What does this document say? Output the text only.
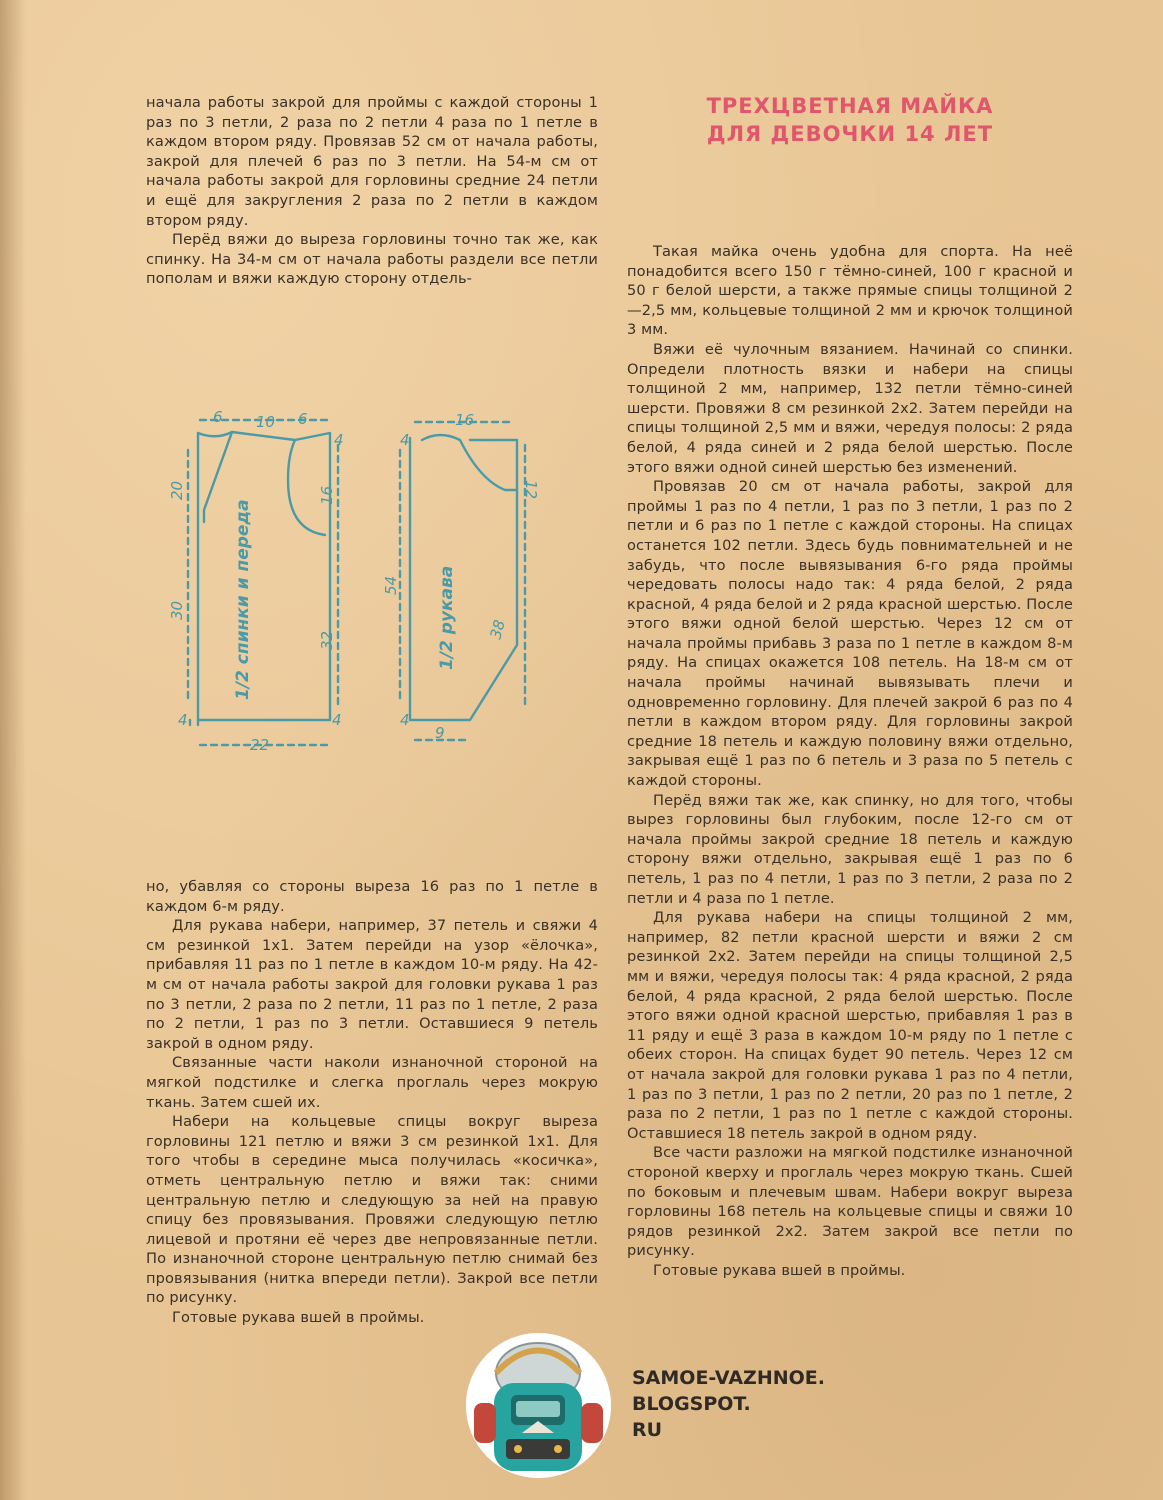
начала работы закрой для проймы с каждой стороны 1 раз по 3 петли, 2 раза по 2 петли 4 раза по 1 петле в каждом втором ряду. Провязав 52 см от начала работы, закрой для плечей 6 раз по 3 петли. На 54-м см от начала работы закрой для горловины средние 24 петли и ещё для закругления 2 раза по 2 петли в каждом втором ряду.

Перёд вяжи до выреза горловины точно так же, как спинку. На 34-м см от начала работы раздели все петли пополам и вяжи каждую сторону отдель-

ТРЕХЦВЕТНАЯ МАЙКА
ДЛЯ ДЕВОЧКИ 14 ЛЕТ

Такая майка очень удобна для спорта. На неё понадобится всего 150 г тёмно-синей, 100 г красной и 50 г белой шерсти, а также прямые спицы толщиной 2—2,5 мм, кольцевые толщиной 2 мм и крючок толщиной 3 мм.

Вяжи её чулочным вязанием. Начинай со спинки. Определи плотность вязки и набери на спицы толщиной 2 мм, например, 132 петли тёмно-синей шерсти. Провяжи 8 см резинкой 2x2. Затем перейди на спицы толщиной 2,5 мм и вяжи, чередуя полосы: 2 ряда белой, 4 ряда синей и 2 ряда белой шерстью. После этого вяжи одной синей шерстью без изменений.

Провязав 20 см от начала работы, закрой для проймы 1 раз по 4 петли, 1 раз по 3 петли, 1 раз по 2 петли и 6 раз по 1 петле с каждой стороны. На спицах останется 102 петли. Здесь будь повнимательней и не забудь, что после вывязывания 6-го ряда проймы чередовать полосы надо так: 4 ряда белой, 2 ряда красной, 4 ряда белой и 2 ряда красной шерстью. После этого вяжи одной белой шерстью. Через 12 см от начала проймы прибавь 3 раза по 1 петле в каждом 8-м ряду. На спицах окажется 108 петель. На 18-м см от начала проймы начинай вывязывать плечи и одновременно горловину. Для плечей закрой 6 раз по 4 петли в каждом втором ряду. Для горловины закрой средние 18 петель и каждую половину вяжи отдельно, закрывая ещё 1 раз по 6 петель и 3 раза по 5 петель с каждой стороны.

Перёд вяжи так же, как спинку, но для того, чтобы вырез горловины был глубоким, после 12-го см от начала проймы закрой средние 18 петель и каждую сторону вяжи отдельно, закрывая ещё 1 раз по 6 петель, 1 раз по 4 петли, 1 раз по 3 петли, 2 раза по 2 петли и 4 раза по 1 петле.

Для рукава набери на спицы толщиной 2 мм, например, 82 петли красной шерсти и вяжи 2 см резинкой 2x2. Затем перейди на спицы толщиной 2,5 мм и вяжи, чередуя полосы так: 4 ряда красной, 2 ряда белой, 4 ряда красной, 2 ряда белой шерстью. После этого вяжи одной красной шерстью, прибавляя 1 раз в 11 ряду и ещё 3 раза в каждом 10-м ряду по 1 петле с обеих сторон. На спицах будет 90 петель. Через 12 см от начала закрой для головки рукава 1 раз по 4 петли, 1 раз по 3 петли, 1 раз по 2 петли, 20 раз по 1 петле, 2 раза по 2 петли, 1 раз по 1 петле с каждой стороны. Оставшиеся 18 петель закрой в одном ряду.

Все части разложи на мягкой подстилке изнаночной стороной кверху и проглаль через мокрую ткань. Сшей по боковым и плечевым швам. Набери вокруг выреза горловины 168 петель на кольцевые спицы и свяжи 10 рядов резинкой 2x2. Затем закрой все петли по рисунку.

Готовые рукава вшей в проймы.

1/2 спинки и переда	1/2 рукава
6 10 6
20
30
16
32
4
4	4
22
16
12
54
38
9
4
4

но, убавляя со стороны выреза 16 раз по 1 петле в каждом 6-м ряду.

Для рукава набери, например, 37 петель и свяжи 4 см резинкой 1x1. Затем перейди на узор «ёлочка», прибавляя 11 раз по 1 петле в каждом 10-м ряду. На 42-м см от начала работы закрой для головки рукава 1 раз по 3 петли, 2 раза по 2 петли, 11 раз по 1 петле, 2 раза по 2 петли, 1 раз по 3 петли. Оставшиеся 9 петель закрой в одном ряду.

Связанные части наколи изнаночной стороной на мягкой подстилке и слегка проглаль через мокрую ткань. Затем сшей их.

Набери на кольцевые спицы вокруг выреза горловины 121 петлю и вяжи 3 см резинкой 1x1. Для того чтобы в середине мыса получилась «косичка», отметь центральную петлю и вяжи так: сними центральную петлю и следующую за ней на правую спицу без провязывания. Провяжи следующую петлю лицевой и протяни её через две непровязанные петли. По изнаночной стороне центральную петлю снимай без провязывания (нитка впереди петли). Закрой все петли по рисунку.

Готовые рукава вшей в проймы.

SAMOE-VAZHNOE.
BLOGSPOT.
RU
